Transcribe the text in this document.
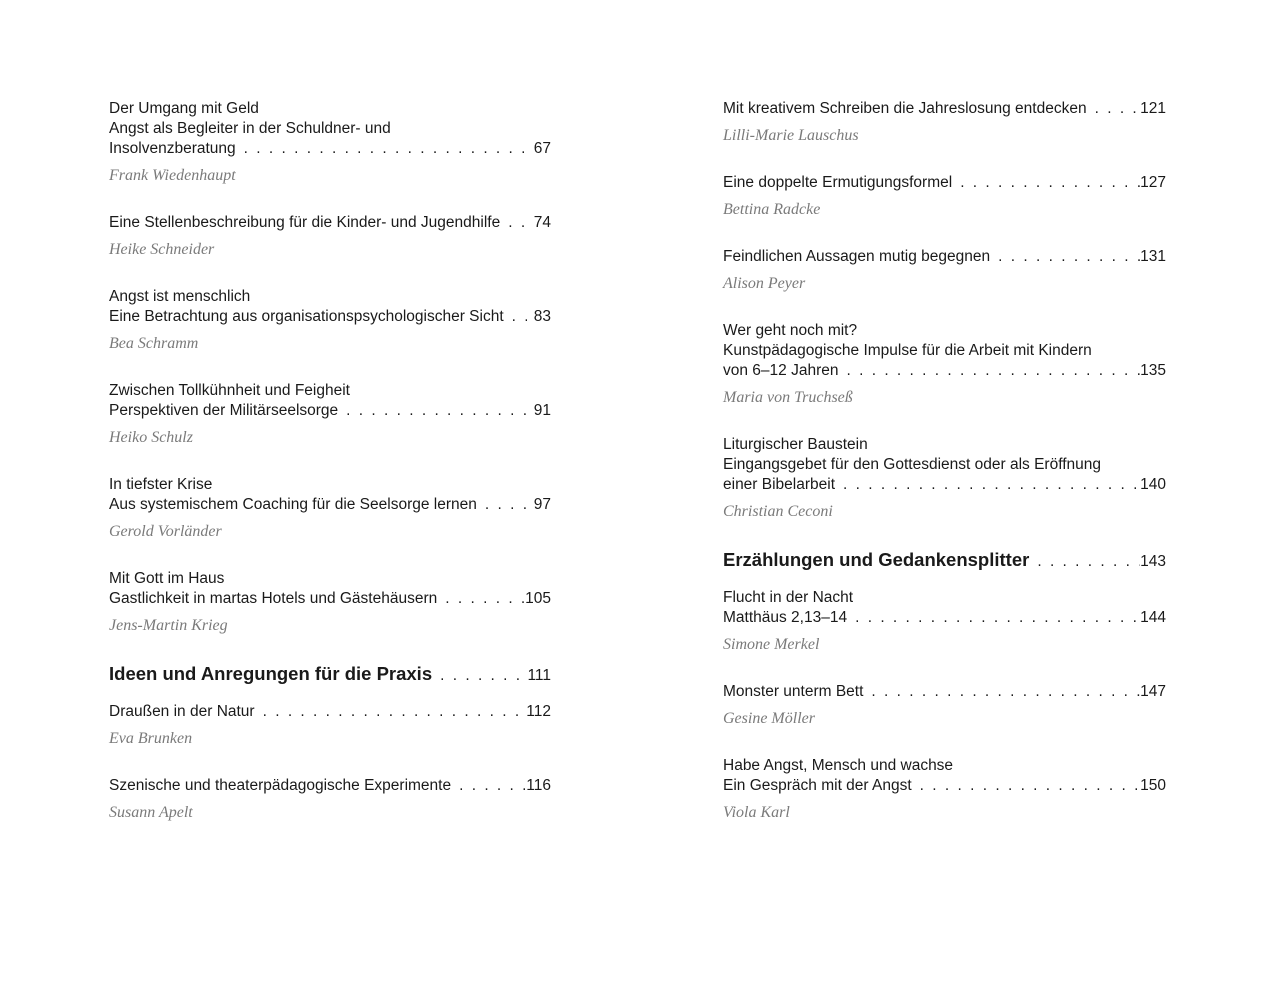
Der Umgang mit Geld
Angst als Begleiter in der Schuldner- und
Insolvenzberatung . . .	67
Frank Wiedenhaupt
Eine Stellenbeschreibung für die Kinder- und Jugendhilfe . . .	74
Heike Schneider
Angst ist menschlich
Eine Betrachtung aus organisationspsychologischer Sicht . . .	83
Bea Schramm
Zwischen Tollkühnheit und Feigheit
Perspektiven der Militärseelsorge . . .	91
Heiko Schulz
In tiefster Krise
Aus systemischem Coaching für die Seelsorge lernen . . .	97
Gerold Vorländer
Mit Gott im Haus
Gastlichkeit in martas Hotels und Gästehäusern . . .	105
Jens-Martin Krieg
Ideen und Anregungen für die Praxis . . .	111
Draußen in der Natur . . .	112
Eva Brunken
Szenische und theaterpädagogische Experimente . . .	116
Susann Apelt
Mit kreativem Schreiben die Jahreslosung entdecken . . .	121
Lilli-Marie Lauschus
Eine doppelte Ermutigungsformel . . .	127
Bettina Radcke
Feindlichen Aussagen mutig begegnen . . .	131
Alison Peyer
Wer geht noch mit?
Kunstpädagogische Impulse für die Arbeit mit Kindern
von 6–12 Jahren . . .	135
Maria von Truchseß
Liturgischer Baustein
Eingangsgebet für den Gottesdienst oder als Eröffnung
einer Bibelarbeit . . .	140
Christian Ceconi
Erzählungen und Gedankensplitter . . .	143
Flucht in der Nacht
Matthäus 2,13–14 . . .	144
Simone Merkel
Monster unterm Bett . . .	147
Gesine Möller
Habe Angst, Mensch und wachse
Ein Gespräch mit der Angst . . .	150
Viola Karl
